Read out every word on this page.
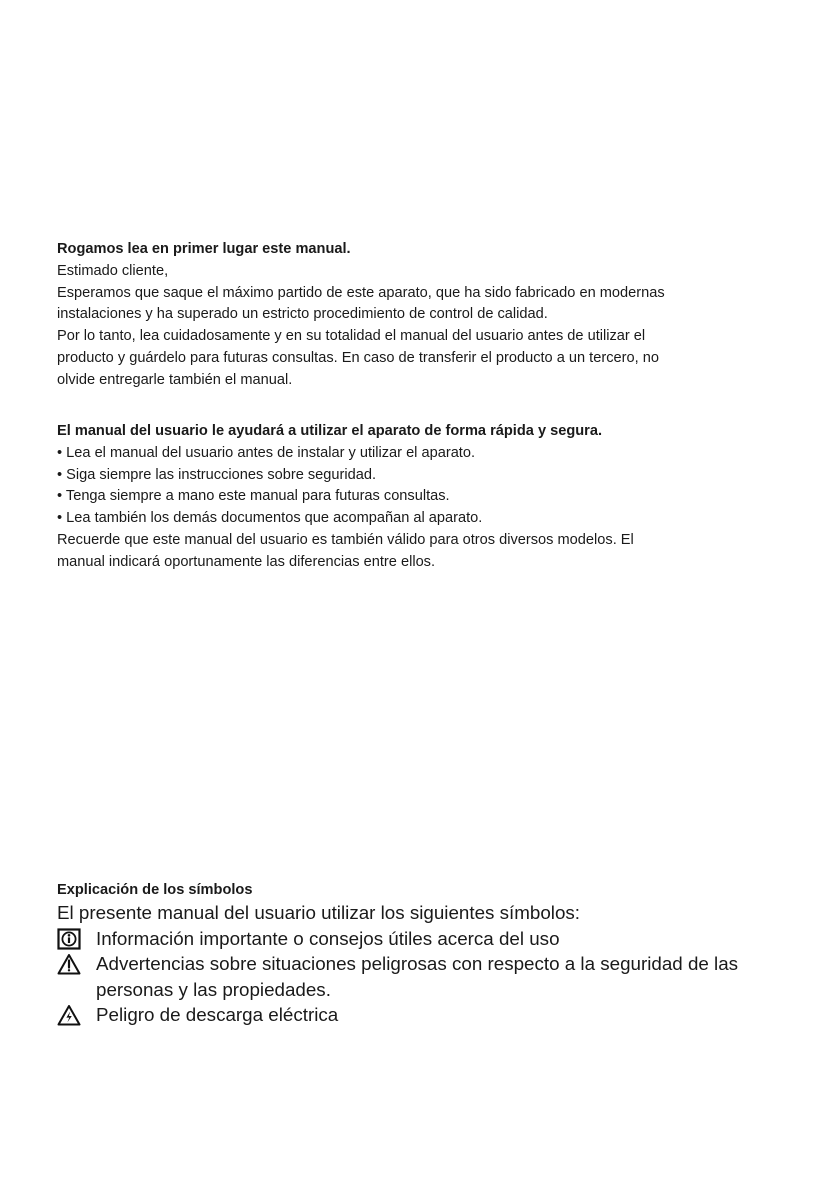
Rogamos lea en primer lugar este manual.
Estimado cliente,
Esperamos que saque el máximo partido de este aparato, que ha sido fabricado en modernas
instalaciones y ha superado un estricto procedimiento de control de calidad.
Por lo tanto, lea cuidadosamente y en su totalidad el manual del usuario antes de utilizar el
producto y guárdelo para futuras consultas. En caso de transferir el producto a un tercero, no
olvide entregarle también el manual.
El manual del usuario le ayudará a utilizar el aparato de forma rápida y segura.
• Lea el manual del usuario antes de instalar y utilizar el aparato.
• Siga siempre las instrucciones sobre seguridad.
• Tenga siempre a mano este manual para futuras consultas.
• Lea también los demás documentos que acompañan al aparato.
Recuerde que este manual del usuario es también válido para otros diversos modelos. El
manual indicará oportunamente las diferencias entre ellos.
Explicación de los símbolos
El presente manual del usuario utilizar los siguientes símbolos:
Información importante o consejos útiles acerca del uso
Advertencias sobre situaciones peligrosas con respecto a la seguridad de las
personas y las propiedades.
Peligro de descarga eléctrica
